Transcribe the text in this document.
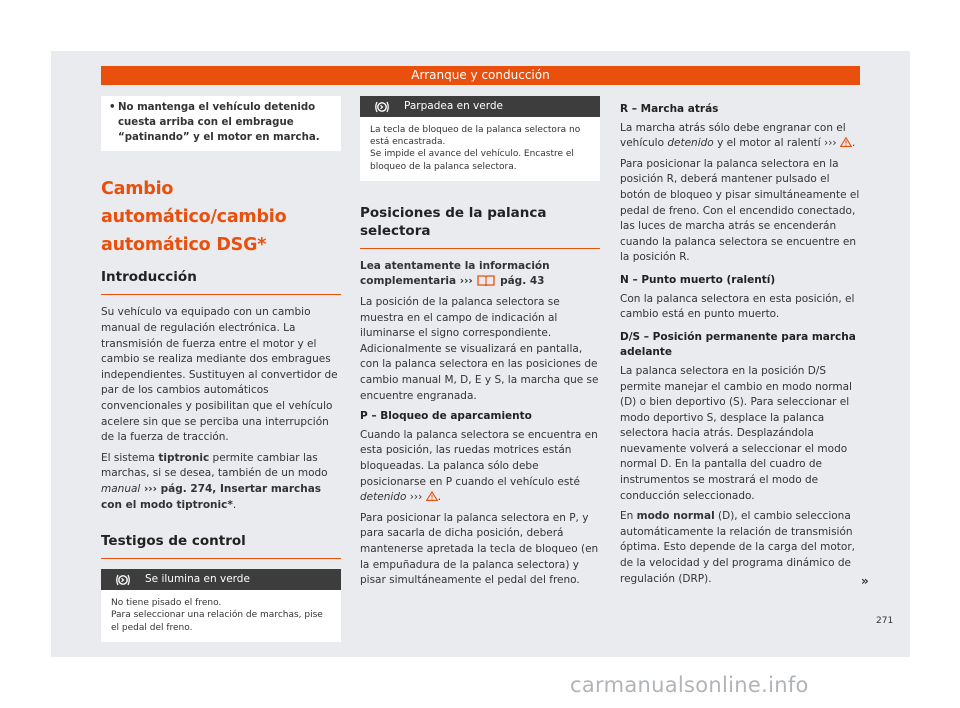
Arranque y conducción

• No mantenga el vehículo detenido cuesta arriba con el embrague “patinando” y el motor en marcha.

Cambio automático/cambio automático DSG*
Introducción

Su vehículo va equipado con un cambio manual de regulación electrónica. La transmisión de fuerza entre el motor y el cambio se realiza mediante dos embragues independientes. Sustituyen al convertidor de par de los cambios automáticos convencionales y posibilitan que el vehículo acelere sin que se perciba una interrupción de la fuerza de tracción.

El sistema tiptronic permite cambiar las marchas, si se desea, también de un modo manual ››› pág. 274, Insertar marchas con el modo tiptronic*.

Testigos de control
Se ilumina en verde

No tiene pisado el freno.

Para seleccionar una relación de marchas, pise el pedal del freno.

Parpadea en verde

La tecla de bloqueo de la palanca selectora no está encastrada.

Se impide el avance del vehículo. Encastre el bloqueo de la palanca selectora.

Posiciones de la palanca selectora

Lea atentamente la información complementaria ›››  pág. 43

La posición de la palanca selectora se muestra en el campo de indicación al iluminarse el signo correspondiente. Adicionalmente se visualizará en pantalla, con la palanca selectora en las posiciones de cambio manual M, D, E y S, la marcha que se encuentre engranada.

P – Bloqueo de aparcamiento

Cuando la palanca selectora se encuentra en esta posición, las ruedas motrices están bloqueadas. La palanca sólo debe posicionarse en P cuando el vehículo esté detenido ››› .

Para posicionar la palanca selectora en P, y para sacarla de dicha posición, deberá mantenerse apretada la tecla de bloqueo (en la empuñadura de la palanca selectora) y pisar simultáneamente el pedal del freno.

R – Marcha atrás

La marcha atrás sólo debe engranar con el vehículo detenido y el motor al ralentí ››› .

Para posicionar la palanca selectora en la posición R, deberá mantener pulsado el botón de bloqueo y pisar simultáneamente el pedal de freno. Con el encendido conectado, las luces de marcha atrás se encenderán cuando la palanca selectora se encuentre en la posición R.

N – Punto muerto (ralentí)

Con la palanca selectora en esta posición, el cambio está en punto muerto.

D/S – Posición permanente para marcha adelante

La palanca selectora en la posición D/S permite manejar el cambio en modo normal (D) o bien deportivo (S). Para seleccionar el modo deportivo S, desplace la palanca selectora hacia atrás. Desplazándola nuevamente volverá a seleccionar el modo normal D. En la pantalla del cuadro de instrumentos se mostrará el modo de conducción seleccionado.

En modo normal (D), el cambio selecciona automáticamente la relación de transmisión óptima. Esto depende de la carga del motor, de la velocidad y del programa dinámico de regulación (DRP).	»
271
carmanualsonline.info
